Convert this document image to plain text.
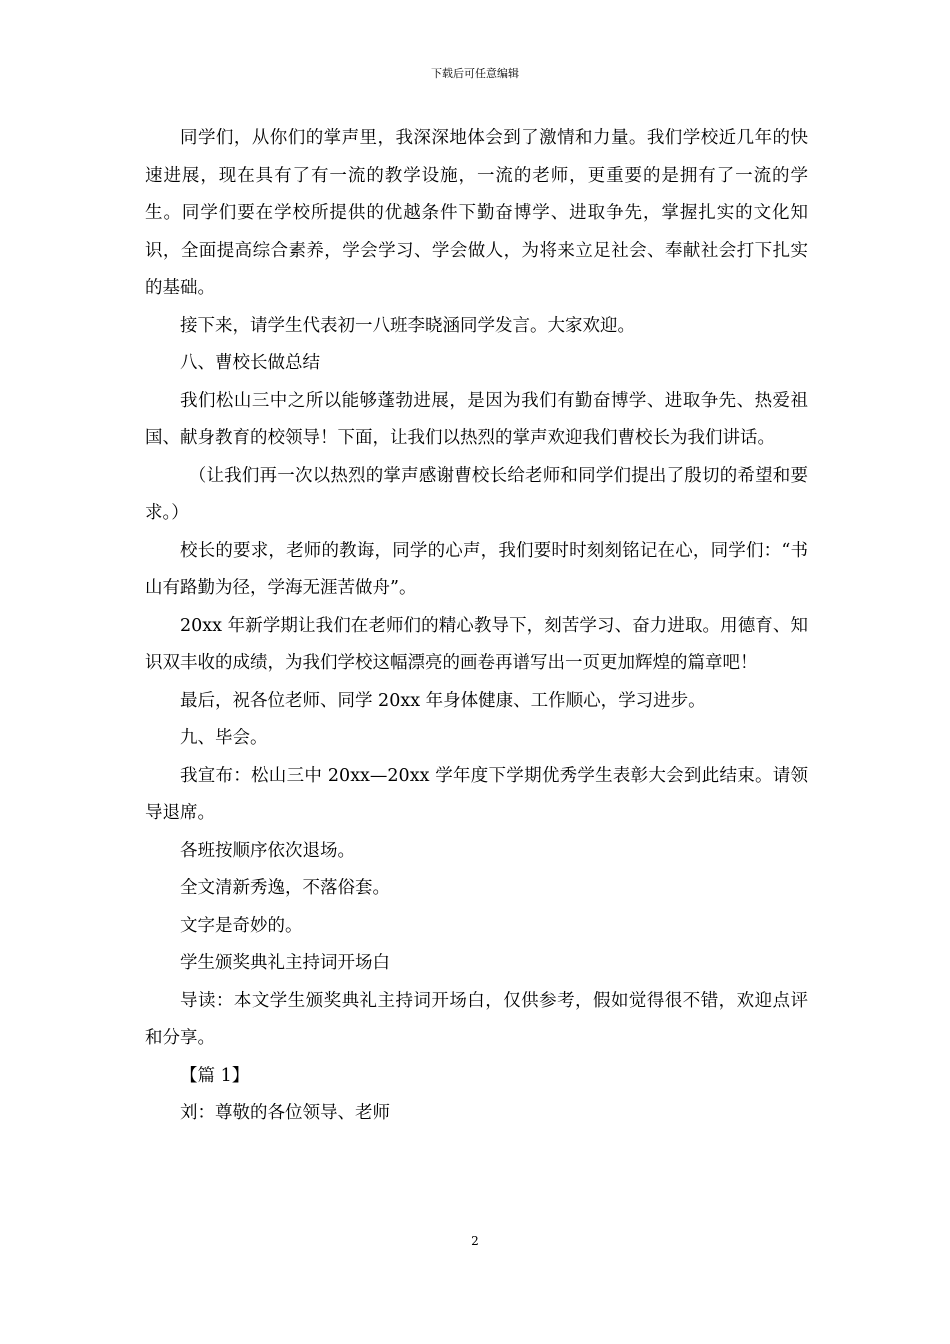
下载后可任意编辑

同学们，从你们的掌声里，我深深地体会到了激情和力量。我们学校近几年的快速进展，现在具有了有一流的教学设施，一流的老师，更重要的是拥有了一流的学生。同学们要在学校所提供的优越条件下勤奋博学、进取争先，掌握扎实的文化知识，全面提高综合素养，学会学习、学会做人，为将来立足社会、奉献社会打下扎实的基础。

接下来，请学生代表初一八班李晓涵同学发言。大家欢迎。

八、曹校长做总结

我们松山三中之所以能够蓬勃进展，是因为我们有勤奋博学、进取争先、热爱祖国、献身教育的校领导！下面，让我们以热烈的掌声欢迎我们曹校长为我们讲话。

（让我们再一次以热烈的掌声感谢曹校长给老师和同学们提出了殷切的希望和要求。）

校长的要求，老师的教诲，同学的心声，我们要时时刻刻铭记在心，同学们：“书山有路勤为径，学海无涯苦做舟”。

20xx 年新学期让我们在老师们的精心教导下，刻苦学习、奋力进取。用德育、知识双丰收的成绩，为我们学校这幅漂亮的画卷再谱写出一页更加辉煌的篇章吧！

最后，祝各位老师、同学 20xx 年身体健康、工作顺心，学习进步。

九、毕会。

我宣布：松山三中 20xx—20xx 学年度下学期优秀学生表彰大会到此结束。请领导退席。

各班按顺序依次退场。

全文清新秀逸，不落俗套。

文字是奇妙的。

学生颁奖典礼主持词开场白

导读：本文学生颁奖典礼主持词开场白，仅供参考，假如觉得很不错，欢迎点评和分享。

【篇 1】

刘：尊敬的各位领导、老师

2
